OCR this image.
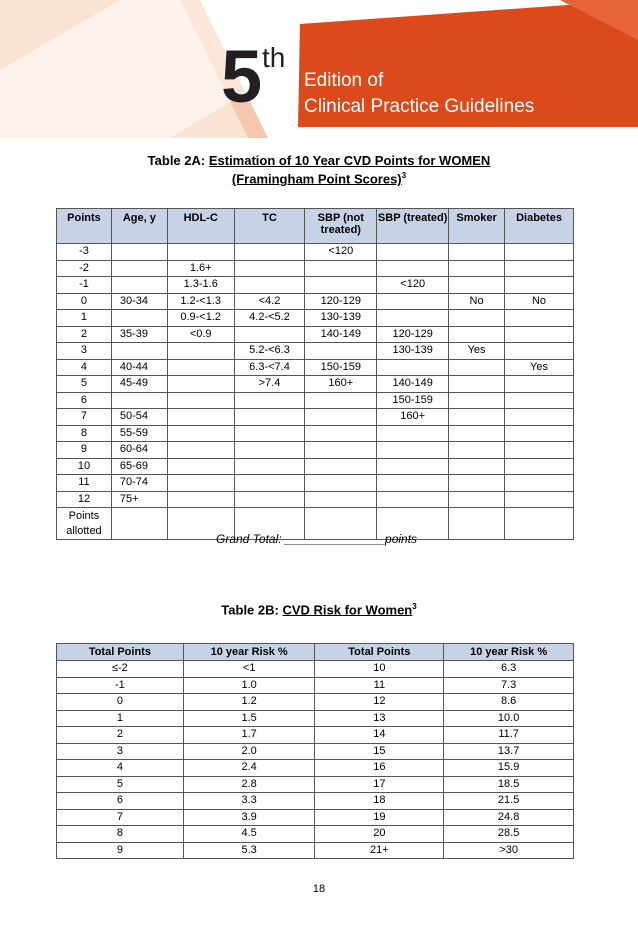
5 th
Edition of
Clinical Practice Guidelines
Table 2A: Estimation of 10 Year CVD Points for WOMEN
(Framingham Point Scores)$^3$
Points	Age, y	HDL-C	TC	SBP (not treated)	SBP (treated)	Smoker	Diabetes
-3				<120			
-2		1.6+					
-1		1.3-1.6			<120		
0	30-34	1.2-<1.3	<4.2	120-129		No	No
1		0.9-<1.2	4.2-<5.2	130-139			
2	35-39	<0.9		140-149	120-129		
3			5.2-<6.3		130-139	Yes	
4	40-44		6.3-<7.4	150-159			Yes
5	45-49		>7.4	160+	140-149		
6					150-159		
7	50-54				160+		
8	55-59						
9	60-64						
10	65-69						
11	70-74						
12	75+						
Points allotted							
Grand Total: _______________points
Table 2B: CVD Risk for Women$^3$
Total Points	10 year Risk %	Total Points	10 year Risk %
≤-2	<1	10	6.3
-1	1.0	11	7.3
0	1.2	12	8.6
1	1.5	13	10.0
2	1.7	14	11.7
3	2.0	15	13.7
4	2.4	16	15.9
5	2.8	17	18.5
6	3.3	18	21.5
7	3.9	19	24.8
8	4.5	20	28.5
9	5.3	21+	>30
18
